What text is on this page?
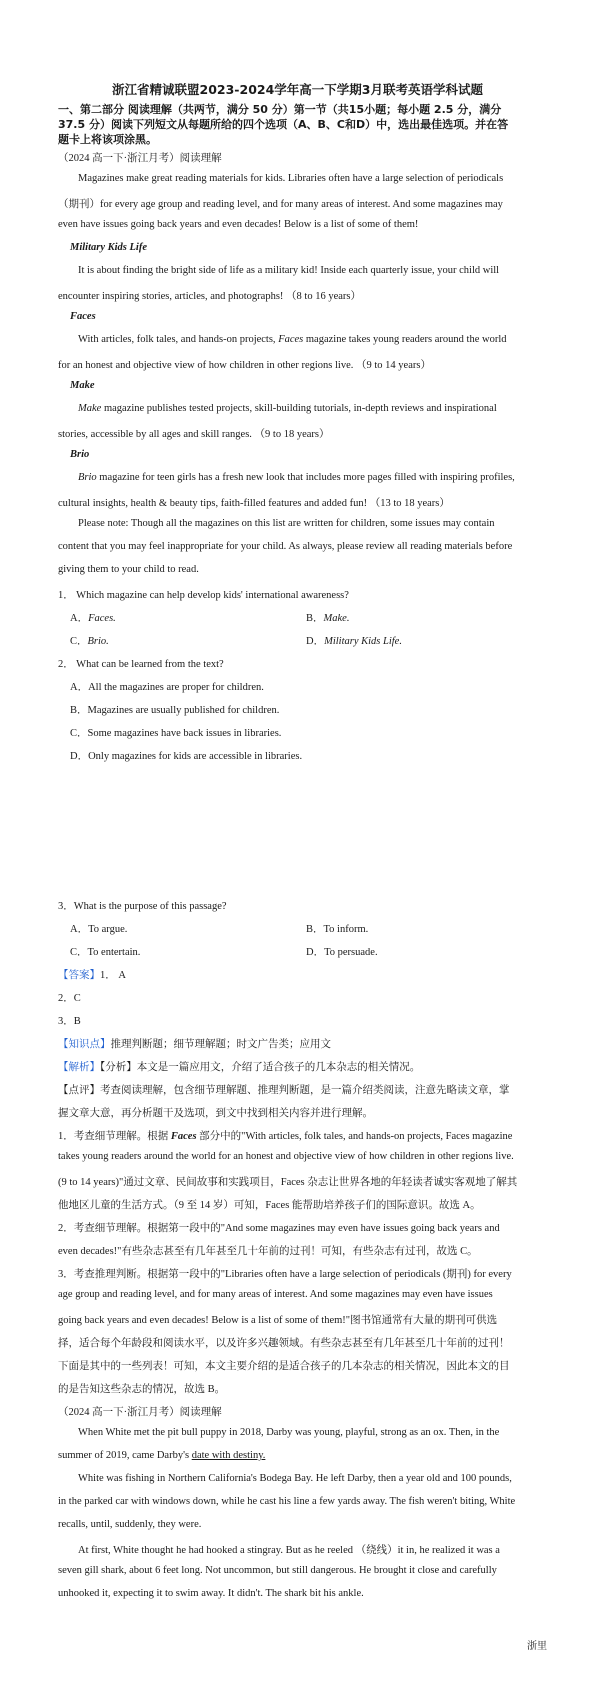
浙江省精诚联盟2023-2024学年高一下学期3月联考英语学科试题
一、第二部分 阅读理解（共两节，满分 50 分）第一节（共15小题；每小题 2.5 分，满分
37.5 分）阅读下列短文从每题所给的四个选项（A、B、C和D）中，选出最佳选项。并在答
题卡上将该项涂黑。
（2024 高一下·浙江月考）阅读理解
Magazines make great reading materials for kids. Libraries often have a large selection of periodicals
（期刊）for every age group and reading level, and for many areas of interest. And some magazines may
even have issues going back years and even decades! Below is a list of some of them!
Military Kids Life
It is about finding the bright side of life as a military kid! Inside each quarterly issue, your child will
encounter inspiring stories, articles, and photographs! （8 to 16 years）
Faces
With articles, folk tales, and hands-on projects, Faces magazine takes young readers around the world
for an honest and objective view of how children in other regions live. （9 to 14 years）
Make
Make magazine publishes tested projects, skill-building tutorials, in-depth reviews and inspirational
stories, accessible by all ages and skill ranges. （9 to 18 years）
Brio
Brio magazine for teen girls has a fresh new look that includes more pages filled with inspiring profiles,
cultural insights, health & beauty tips, faith-filled features and added fun! （13 to 18 years）
Please note: Though all the magazines on this list are written for children, some issues may contain
content that you may feel inappropriate for your child. As always, please review all reading materials before
giving them to your child to read.
1． Which magazine can help develop kids' international awareness?
A．Faces.	B．Make.
C．Brio.	D．Military Kids Life.
2． What can be learned from the text?
A．All the magazines are proper for children.
B．Magazines are usually published for children.
C．Some magazines have back issues in libraries.
D．Only magazines for kids are accessible in libraries.
3．What is the purpose of this passage?
A．To argue.	B．To inform.
C．To entertain.	D．To persuade.
【答案】1． A
2．C
3．B
【知识点】推理判断题；细节理解题；时文广告类；应用文
【解析】【分析】本文是一篇应用文，介绍了适合孩子的几本杂志的相关情况。
【点评】考查阅读理解，包含细节理解题、推理判断题，是一篇介绍类阅读，注意先略读文章，掌
握文章大意，再分析题干及选项，到文中找到相关内容并进行理解。
1．考查细节理解。根据 Faces 部分中的"With articles, folk tales, and hands-on projects, Faces magazine
takes young readers around the world for an honest and objective view of how children in other regions live.
(9 to 14 years)"通过文章、民间故事和实践项目，Faces 杂志让世界各地的年轻读者诚实客观地了解其
他地区儿童的生活方式。（9 至 14 岁）可知，Faces 能帮助培养孩子们的国际意识。故选 A。
2．考查细节理解。根据第一段中的"And some magazines may even have issues going back years and
even decades!"有些杂志甚至有几年甚至几十年前的过刊！可知，有些杂志有过刊，故选 C。
3．考查推理判断。根据第一段中的"Libraries often have a large selection of periodicals (期刊) for every
age group and reading level, and for many areas of interest. And some magazines may even have issues
going back years and even decades! Below is a list of some of them!"图书馆通常有大量的期刊可供选
择，适合每个年龄段和阅读水平，以及许多兴趣领域。有些杂志甚至有几年甚至几十年前的过刊！
下面是其中的一些列表！可知，本文主要介绍的是适合孩子的几本杂志的相关情况，因此本文的目
的是告知这些杂志的情况，故选 B。
（2024 高一下·浙江月考）阅读理解
When White met the pit bull puppy in 2018, Darby was young, playful, strong as an ox. Then, in the
summer of 2019, came Darby's date with destiny.
White was fishing in Northern California's Bodega Bay. He left Darby, then a year old and 100 pounds,
in the parked car with windows down, while he cast his line a few yards away. The fish weren't biting, White
recalls, until, suddenly, they were.
At first, White thought he had hooked a stingray. But as he reeled （绕线）it in, he realized it was a
seven gill shark, about 6 feet long. Not uncommon, but still dangerous. He brought it close and carefully
unhooked it, expecting it to swim away. It didn't. The shark bit his ankle.
浙里
